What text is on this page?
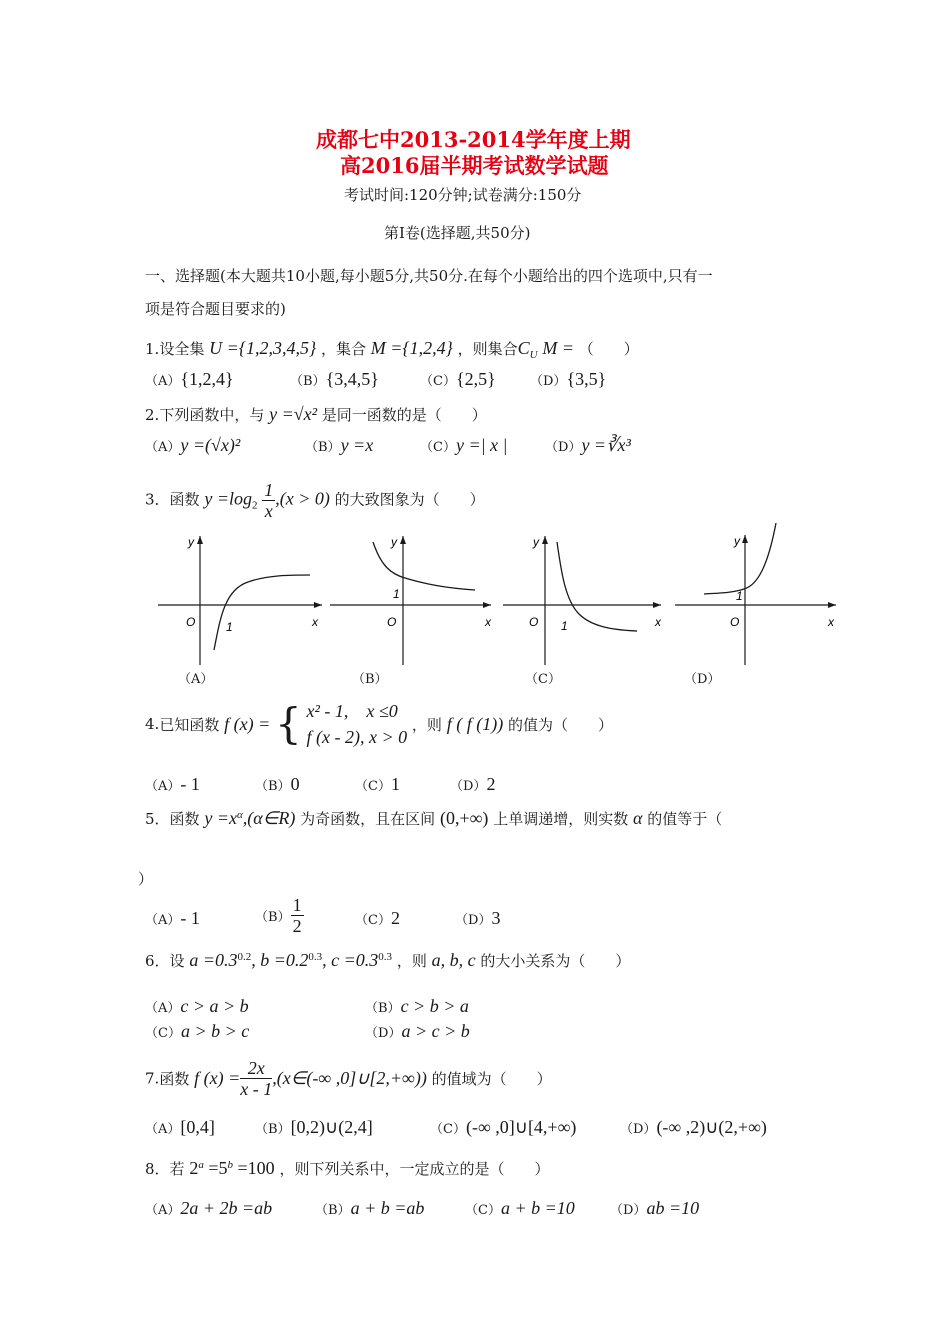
成都七中2013-2014学年度上期
高2016届半期考试数学试题
考试时间:120分钟;试卷满分:150分
第Ⅰ卷(选择题,共50分)
一、选择题(本大题共10小题,每小题5分,共50分.在每个小题给出的四个选项中,只有一
项是符合题目要求的)
1.设全集 U ={1,2,3,4,5} ，集合 M ={1,2,4} ，则集合$C_U$ M = （　　）
（A）{1,2,4}	（B）{3,4,5}	（C）{2,5}	（D）{3,5}
2.下列函数中，与 y =√x² 是同一函数的是（　　）
（A）y =(√x)²	（B）y =x	（C）y =| x |	（D）y =∛x³
3．函数 $y =\log_2 \frac{1}{x} ,(x > 0)$ 的大致图象为（　　）
y
x
O	1
（A）
y
x
O
1
（B）
y
x
O 1
（C）
y
x
O
1
（D）
4.已知函数 f (x) = { x² - 1,　x ≤0
f (x - 2), x > 0
，则 f ( f (1)) 的值为（　　）
（A）- 1	（B）0	（C）1	（D）2
5．函数 $y =x^\alpha,(\alpha\in R)$ 为奇函数，且在区间 (0,+∞) 上单调递增，则实数 α 的值等于（
）
（A）- 1	$(B) \frac{1}{2}$	（C）2	（D）3
6．设 $a =0.3^{0.2}$, $b =0.2^{0.3}$, $c =0.3^{0.3}$ ，则 a, b, c 的大小关系为（　　）
（A）c > a > b	（B）c > b > a
（C）a > b > c	（D）a > c > b
7.函数 f $(x) = \frac{2x}{x - 1}$ ,(x∈(-∞ ,0]∪[2,+∞)) 的值域为（　　）
（A）[0,4]	（B）[0,2)∪(2,4]	（C）(-∞ ,0]∪[4,+∞)	（D）(-∞ ,2)∪(2,+∞)
8．若 $2^a =5^b =100$ ，则下列关系中，一定成立的是（　　）
（A）2a + 2b =ab	（B）a + b =ab	（C）a + b =10	（D）ab =10
